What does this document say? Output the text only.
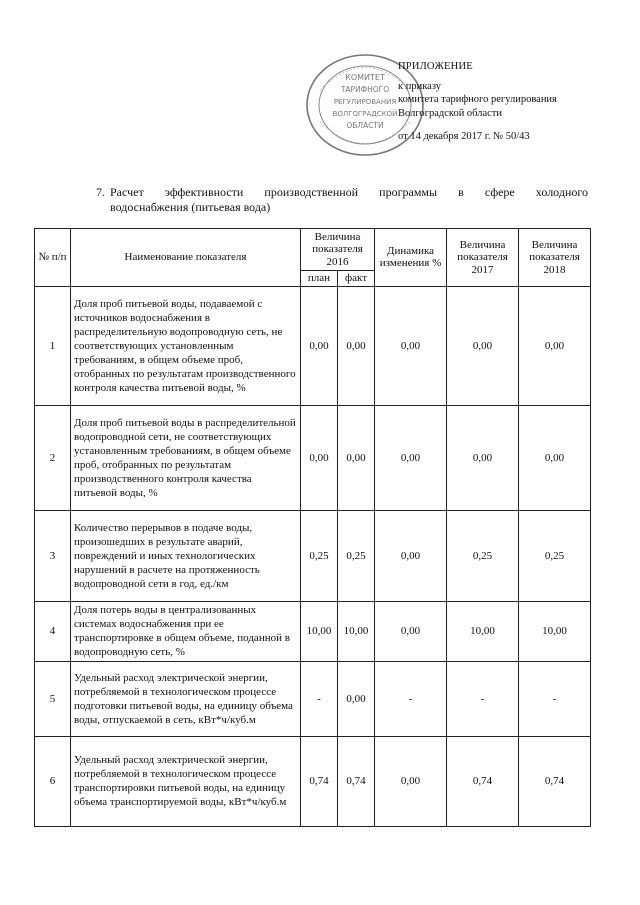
КОМИТЕТ
ТАРИФНОГО
РЕГУЛИРОВАНИЯ
ВОЛГОГРАДСКОЙ
ОБЛАСТИ
ПРИЛОЖЕНИЕ
к приказу
комитета тарифного регулирования
Волгоградской области
от 14 декабря 2017 г. № 50/43
7. Расчет эффективности производственной программы в сфере холодного
водоснабжения (питьевая вода)
№ п/п	Наименование показателя	Величина показателя 2016		Динамика изменения %	Величина показателя 2017	Величина показателя 2018
		план	факт			
1	Доля проб питьевой воды, подаваемой с источников водоснабжения в распределительную водопроводную сеть, не соответствующих установленным требованиям, в общем объеме проб, отобранных по результатам производственного контроля качества питьевой воды, %	0,00	0,00	0,00	0,00	0,00
2	Доля проб питьевой воды в распределительной водопроводной сети, не соответствующих установленным требованиям, в общем объеме проб, отобранных по результатам производственного контроля качества питьевой воды, %	0,00	0,00	0,00	0,00	0,00
3	Количество перерывов в подаче воды, произошедших в результате аварий, повреждений и иных технологических нарушений в расчете на протяженность водопроводной сети в год, ед./км	0,25	0,25	0,00	0,25	0,25
4	Доля потерь воды в централизованных системах водоснабжения при ее транспортировке в общем объеме, поданной в водопроводную сеть, %	10,00	10,00	0,00	10,00	10,00
5	Удельный расход электрической энергии, потребляемой в технологическом процессе подготовки питьевой воды, на единицу объема воды, отпускаемой в сеть, кВт*ч/куб.м	-	0,00	-	-	-
6	Удельный расход электрической энергии, потребляемой в технологическом процессе транспортировки питьевой воды, на единицу объема транспортируемой воды, кВт*ч/куб.м	0,74	0,74	0,00	0,74	0,74
